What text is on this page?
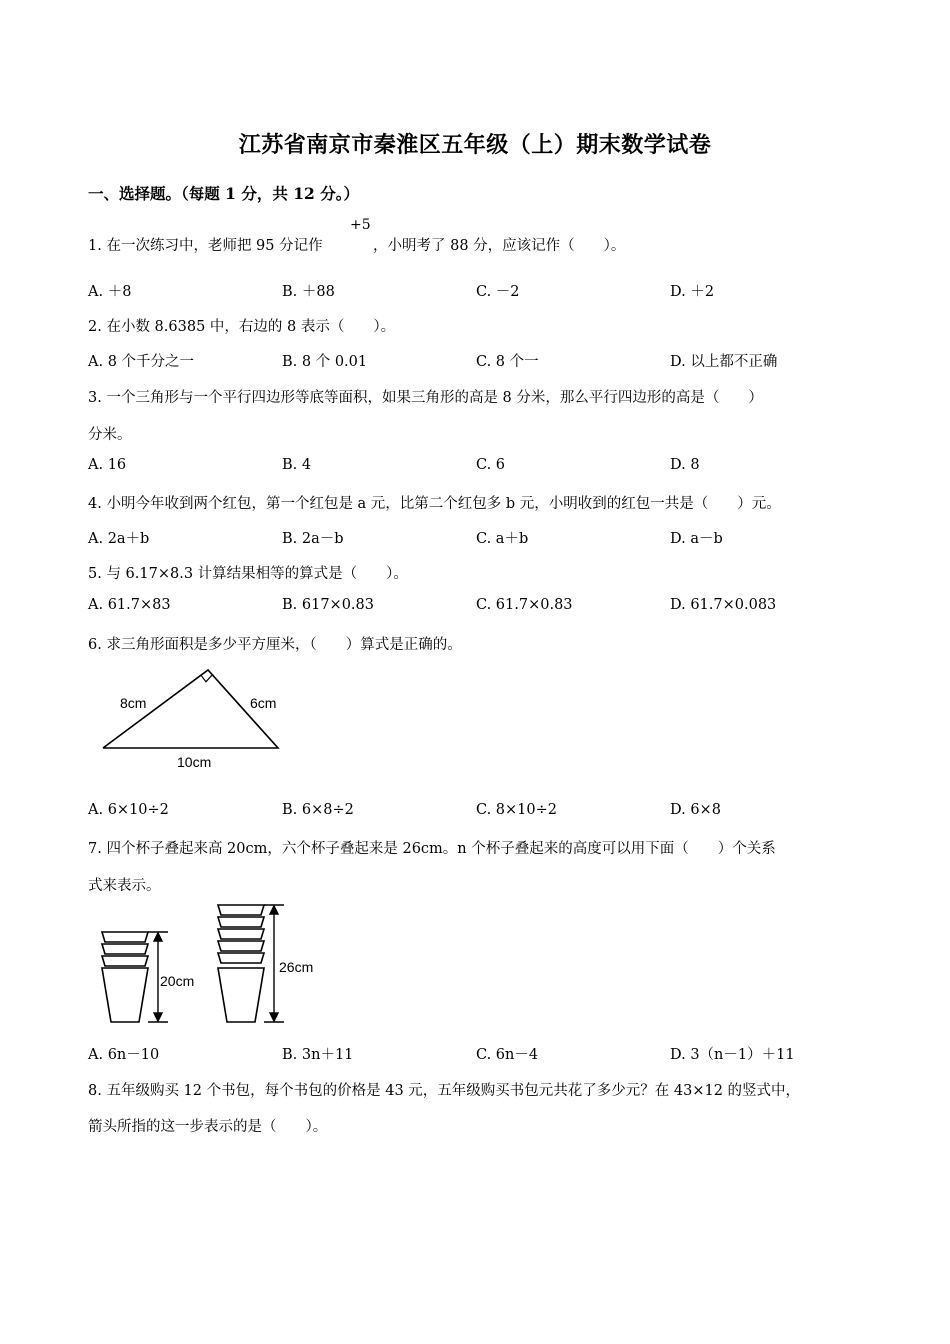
江苏省南京市秦淮区五年级（上）期末数学试卷
一、选择题。（每题 1 分，共 12 分。）
1. 在一次练习中，老师把 95 分记作
+5
，小明考了 88 分，应该记作（　　）。
A. ＋8	B. ＋88	C. －2	D. ＋2
2. 在小数 8.6385 中，右边的 8 表示（　　）。
A. 8 个千分之一	B. 8 个 0.01	C. 8 个一	D. 以上都不正确
3. 一个三角形与一个平行四边形等底等面积，如果三角形的高是 8 分米，那么平行四边形的高是（　　）
分米。
A. 16	B. 4	C. 6	D. 8
4. 小明今年收到两个红包，第一个红包是 a 元，比第二个红包多 b 元，小明收到的红包一共是（　　）元。
A. 2a＋b	B. 2a－b	C. a＋b	D. a－b
5. 与 6.17×8.3 计算结果相等的算式是（　　）。
A. 61.7×83	B. 617×0.83	C. 61.7×0.83	D. 61.7×0.083
6. 求三角形面积是多少平方厘米，（　　）算式是正确的。
8cm	6cm
10cm
A. 6×10÷2	B. 6×8÷2	C. 8×10÷2	D. 6×8
7. 四个杯子叠起来高 20cm，六个杯子叠起来是 26cm。n 个杯子叠起来的高度可以用下面（　　）个关系
式来表示。
20cm
26cm
A. 6n－10	B. 3n＋11	C. 6n－4	D. 3（n－1）＋11
8. 五年级购买 12 个书包，每个书包的价格是 43 元，五年级购买书包元共花了多少元？在 43×12 的竖式中，
箭头所指的这一步表示的是（　　）。
